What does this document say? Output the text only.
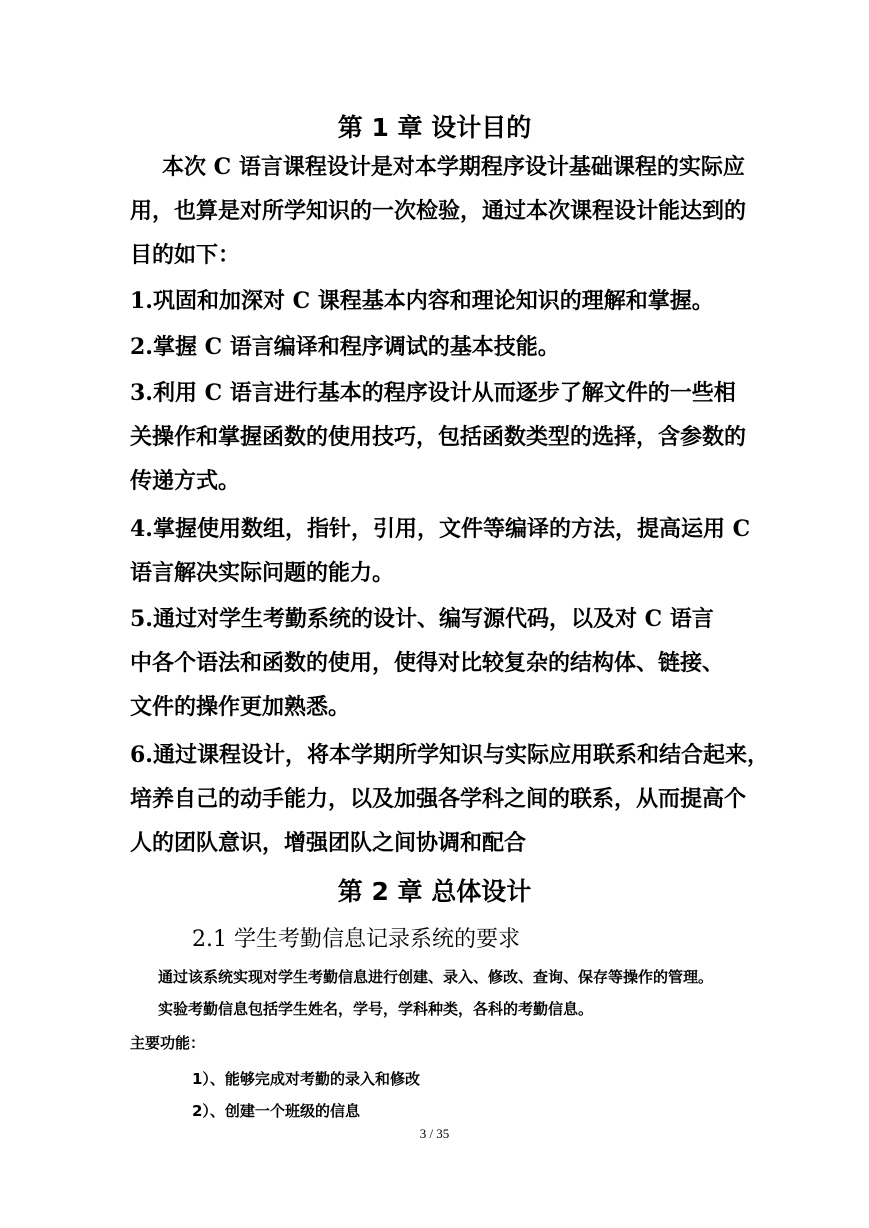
第 1 章 设计目的
本次 C 语言课程设计是对本学期程序设计基础课程的实际应
用，也算是对所学知识的一次检验，通过本次课程设计能达到的
目的如下：
1.巩固和加深对 C 课程基本内容和理论知识的理解和掌握。
2.掌握 C 语言编译和程序调试的基本技能。
3.利用 C 语言进行基本的程序设计从而逐步了解文件的一些相
关操作和掌握函数的使用技巧，包括函数类型的选择，含参数的
传递方式。
4.掌握使用数组，指针，引用，文件等编译的方法，提高运用 C
语言解决实际问题的能力。
5.通过对学生考勤系统的设计、编写源代码，以及对 C 语言
中各个语法和函数的使用，使得对比较复杂的结构体、链接、
文件的操作更加熟悉。
6.通过课程设计，将本学期所学知识与实际应用联系和结合起来，
培养自己的动手能力，以及加强各学科之间的联系，从而提高个
人的团队意识，增强团队之间协调和配合
第 2 章 总体设计
2.1 学生考勤信息记录系统的要求
通过该系统实现对学生考勤信息进行创建、录入、修改、查询、保存等操作的管理。
实验考勤信息包括学生姓名，学号，学科种类，各科的考勤信息。
主要功能：
1）、能够完成对考勤的录入和修改
2）、创建一个班级的信息
3 / 35
